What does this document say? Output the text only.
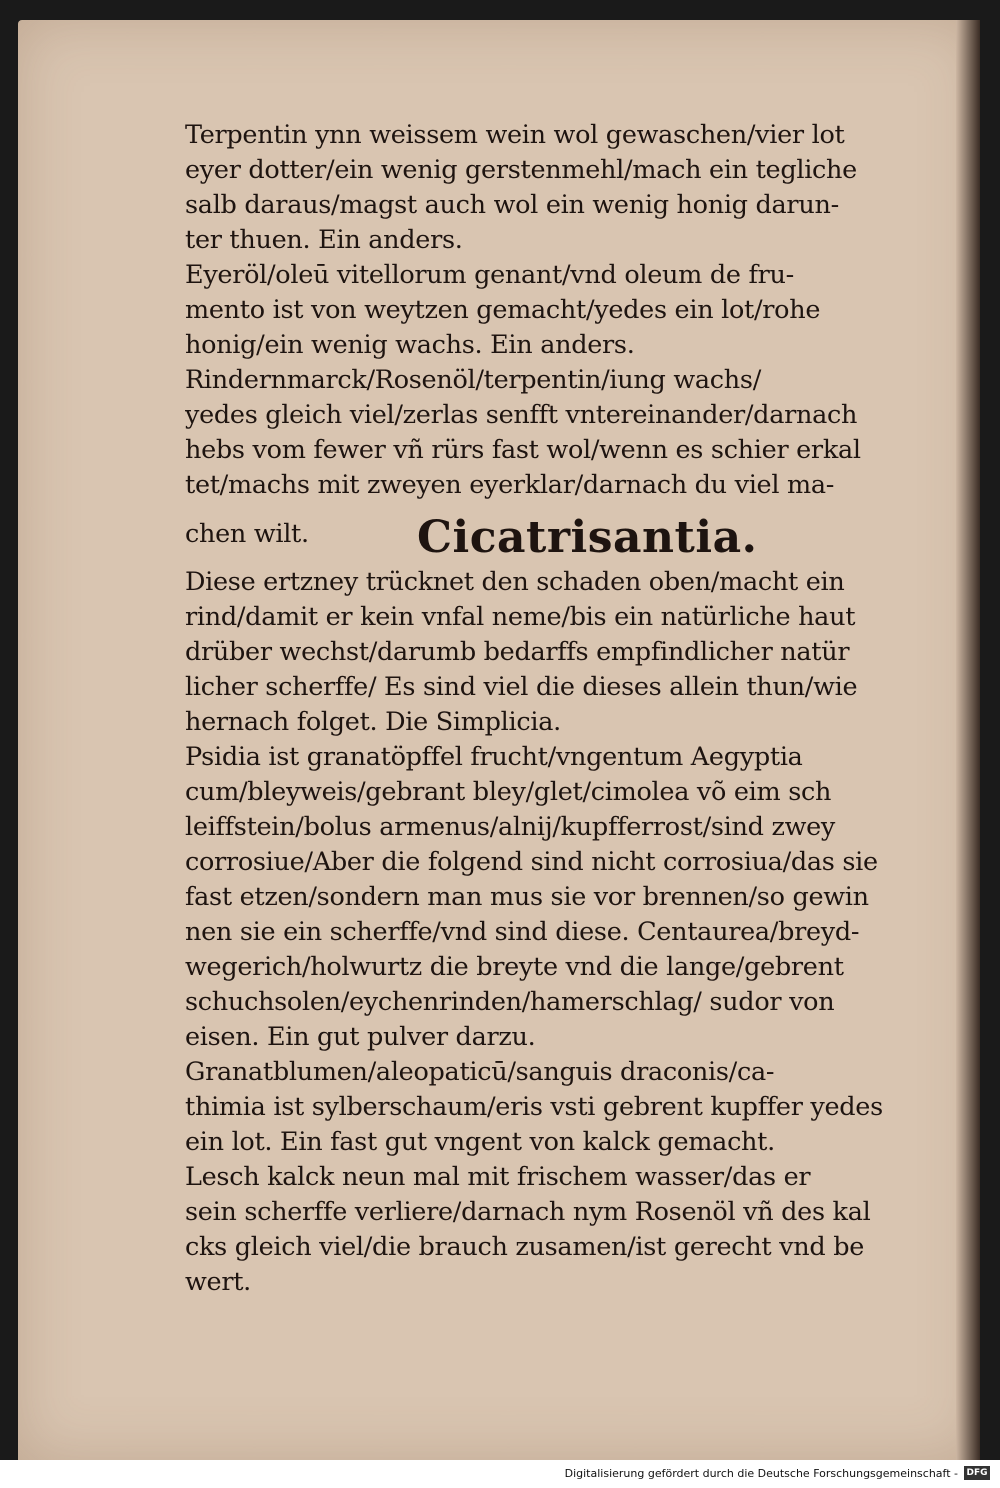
Terpentin ynn weissem wein wol gewaschen/vier lot
eyer dotter/ein wenig gerstenmehl/mach ein tegliche
salb daraus/magst auch wol ein wenig honig darun-
ter thuen. Ein anders.
Eyeröl/oleū vitellorum genant/vnd oleum de fru-
mento ist von weytzen gemacht/yedes ein lot/rohe
honig/ein wenig wachs. Ein anders.
Rindernmarck/Rosenöl/terpentin/iung wachs/
yedes gleich viel/zerlas senfft vntereinander/darnach
hebs vom fewer vñ rürs fast wol/wenn es schier erkal
tet/machs mit zweyen eyerklar/darnach du viel ma-
chen wilt. Cicatrisantia.
Diese ertzney trücknet den schaden oben/macht ein
rind/damit er kein vnfal neme/bis ein natürliche haut
drüber wechst/darumb bedarffs empfindlicher natür
licher scherffe/ Es sind viel die dieses allein thun/wie
hernach folget. Die Simplicia.
Psidia ist granatöpffel frucht/vngentum Aegyptia
cum/bleyweis/gebrant bley/glet/cimolea võ eim sch
leiffstein/bolus armenus/alnij/kupfferrost/sind zwey
corrosiue/Aber die folgend sind nicht corrosiua/das sie
fast etzen/sondern man mus sie vor brennen/so gewin
nen sie ein scherffe/vnd sind diese. Centaurea/breyd-
wegerich/holwurtz die breyte vnd die lange/gebrent
schuchsolen/eychenrinden/hamerschlag/ sudor von
eisen. Ein gut pulver darzu.
Granatblumen/aleopaticū/sanguis draconis/ca-
thimia ist sylberschaum/eris vsti gebrent kupffer yedes
ein lot. Ein fast gut vngent von kalck gemacht.
Lesch kalck neun mal mit frischem wasser/das er
sein scherffe verliere/darnach nym Rosenöl vñ des kal
cks gleich viel/die brauch zusamen/ist gerecht vnd be
wert.
Digitalisierung gefördert durch die Deutsche Forschungsgemeinschaft - DFG
